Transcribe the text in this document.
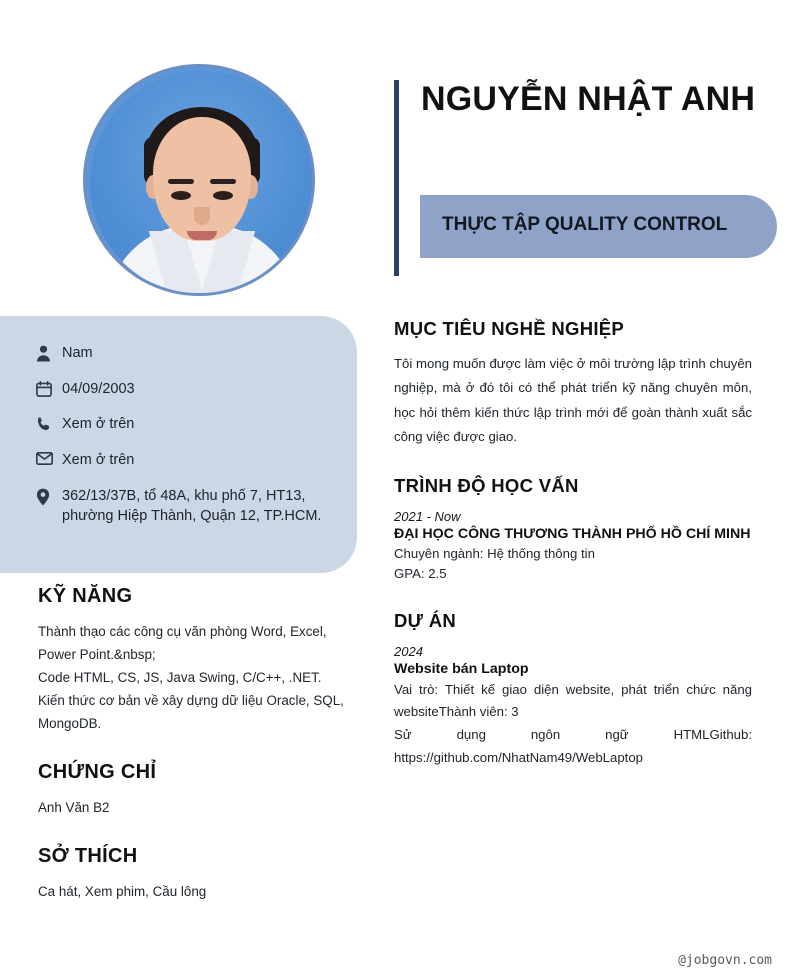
Nam
04/09/2003
Xem ở trên
Xem ở trên
362/13/37B, tổ 48A, khu phố 7, HT13, phường Hiệp Thành, Quận 12, TP.HCM.
KỸ NĂNG
Thành thạo các công cụ văn phòng Word, Excel, Power Point.&nbsp;
Code HTML, CS, JS, Java Swing, C/C++, .NET.
Kiến thức cơ bản về xây dựng dữ liệu Oracle, SQL, MongoDB.
CHỨNG CHỈ
Anh Văn B2
SỞ THÍCH
Ca hát, Xem phim, Cầu lông
NGUYỄN NHẬT ANH
THỰC TẬP QUALITY CONTROL
MỤC TIÊU NGHỀ NGHIỆP
Tôi mong muốn được làm việc ở môi trường lập trình chuyên nghiệp, mà ở đó tôi có thể phát triển kỹ năng chuyên môn, học hỏi thêm kiến thức lập trình mới để goàn thành xuất sắc công việc được giao.
TRÌNH ĐỘ HỌC VẤN
2021 - Now
ĐẠI HỌC CÔNG THƯƠNG THÀNH PHỐ HỒ CHÍ MINH
Chuyên ngành: Hệ thống thông tin
GPA: 2.5
DỰ ÁN
2024
Website bán Laptop
Vai trò: Thiết kế giao diện website, phát triển chức năng websiteThành viên: 3
Sử dụng ngôn ngữ HTMLGithub:
https://github.com/NhatNam49/WebLaptop
@jobgovn.com
